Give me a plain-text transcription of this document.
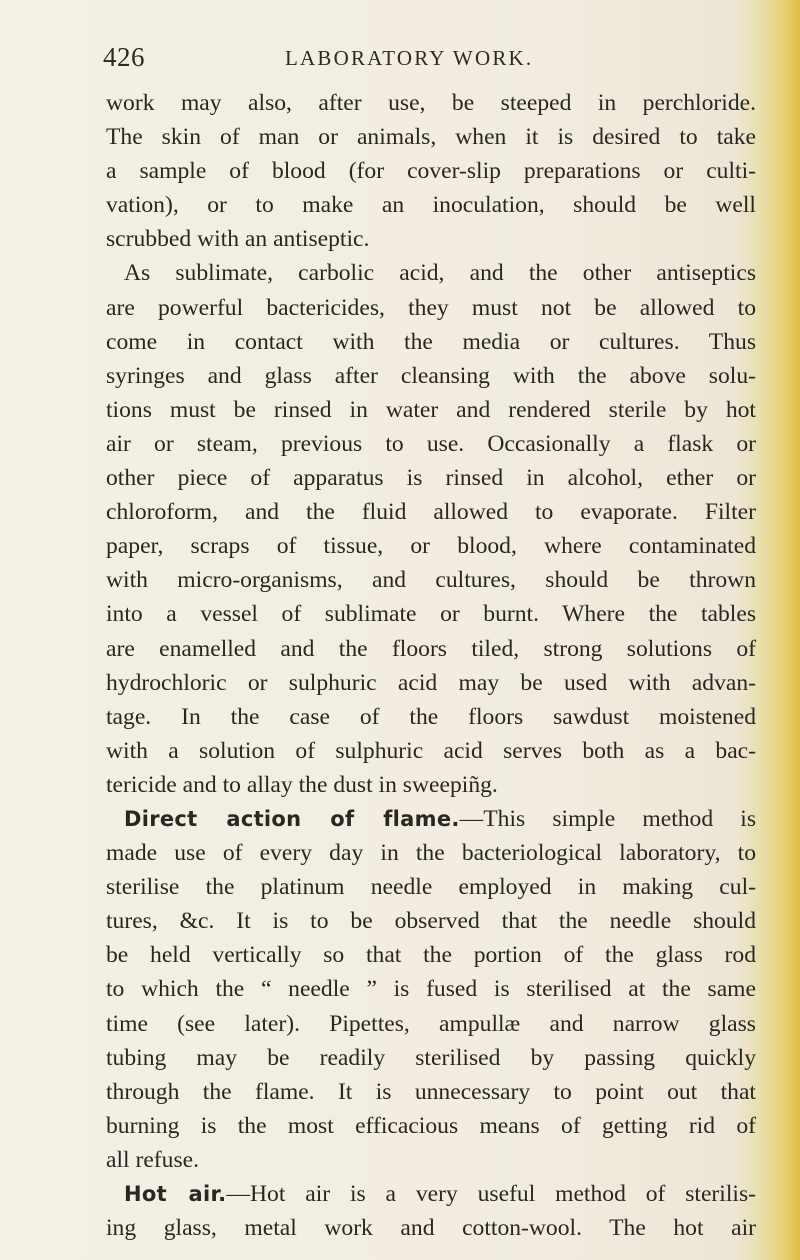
426	LABORATORY WORK.
work may also, after use, be steeped in perchloride.
The skin of man or animals, when it is desired to take
a sample of blood (for cover-slip preparations or culti-
vation), or to make an inoculation, should be well
scrubbed with an antiseptic.
As sublimate, carbolic acid, and the other antiseptics
are powerful bactericides, they must not be allowed to
come in contact with the media or cultures. Thus
syringes and glass after cleansing with the above solu-
tions must be rinsed in water and rendered sterile by hot
air or steam, previous to use. Occasionally a flask or
other piece of apparatus is rinsed in alcohol, ether or
chloroform, and the fluid allowed to evaporate. Filter
paper, scraps of tissue, or blood, where contaminated
with micro-organisms, and cultures, should be thrown
into a vessel of sublimate or burnt. Where the tables
are enamelled and the floors tiled, strong solutions of
hydrochloric or sulphuric acid may be used with advan-
tage. In the case of the floors sawdust moistened
with a solution of sulphuric acid serves both as a bac-
tericide and to allay the dust in sweepiñg.
Direct action of flame.—This simple method is
made use of every day in the bacteriological laboratory, to
sterilise the platinum needle employed in making cul-
tures, &c. It is to be observed that the needle should
be held vertically so that the portion of the glass rod
to which the “ needle ” is fused is sterilised at the same
time (see later). Pipettes, ampullæ and narrow glass
tubing may be readily sterilised by passing quickly
through the flame. It is unnecessary to point out that
burning is the most efficacious means of getting rid of
all refuse.
Hot air.—Hot air is a very useful method of sterilis-
ing glass, metal work and cotton-wool. The hot air
